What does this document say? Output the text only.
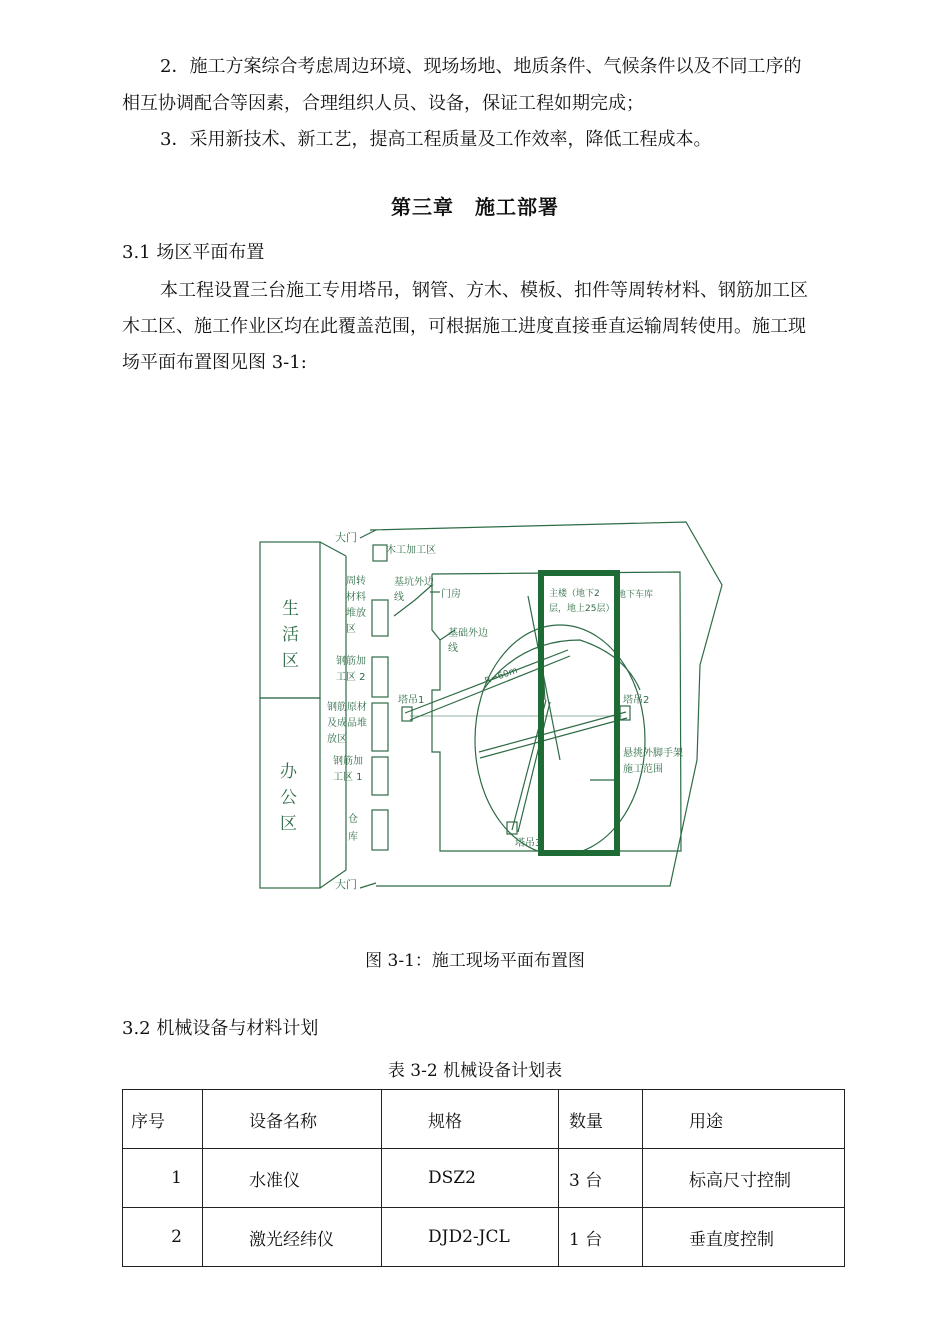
2．施工方案综合考虑周边环境、现场场地、地质条件、气候条件以及不同工序的
相互协调配合等因素，合理组织人员、设备，保证工程如期完成；
3．采用新技术、新工艺，提高工程质量及工作效率，降低工程成本。
第三章　施工部署
3.1 场区平面布置
本工程设置三台施工专用塔吊，钢管、方木、模板、扣件等周转材料、钢筋加工区
木工区、施工作业区均在此覆盖范围，可根据施工进度直接垂直运输周转使用。施工现
场平面布置图见图 3-1:
大门
大门
生
活
区
办
公
区
木工加工区
周转
材料
堆放
区
钢筋加
工区 2
钢筋原材
及成品堆
放区
钢筋加
工区 1
仓
库
基坑外边
线	门房
基础外边
线
主楼（地下2
层，地上25层）
地下车库
R=60m
塔吊1	塔吊2
塔吊3
悬挑外脚手架
施工范围
图 3-1：施工现场平面布置图
3.2 机械设备与材料计划
表 3-2 机械设备计划表
序号	设备名称	规格	数量	用途
1	水准仪	DSZ2	3 台	标高尺寸控制
2	激光经纬仪	DJD2-JCL	1 台	垂直度控制
